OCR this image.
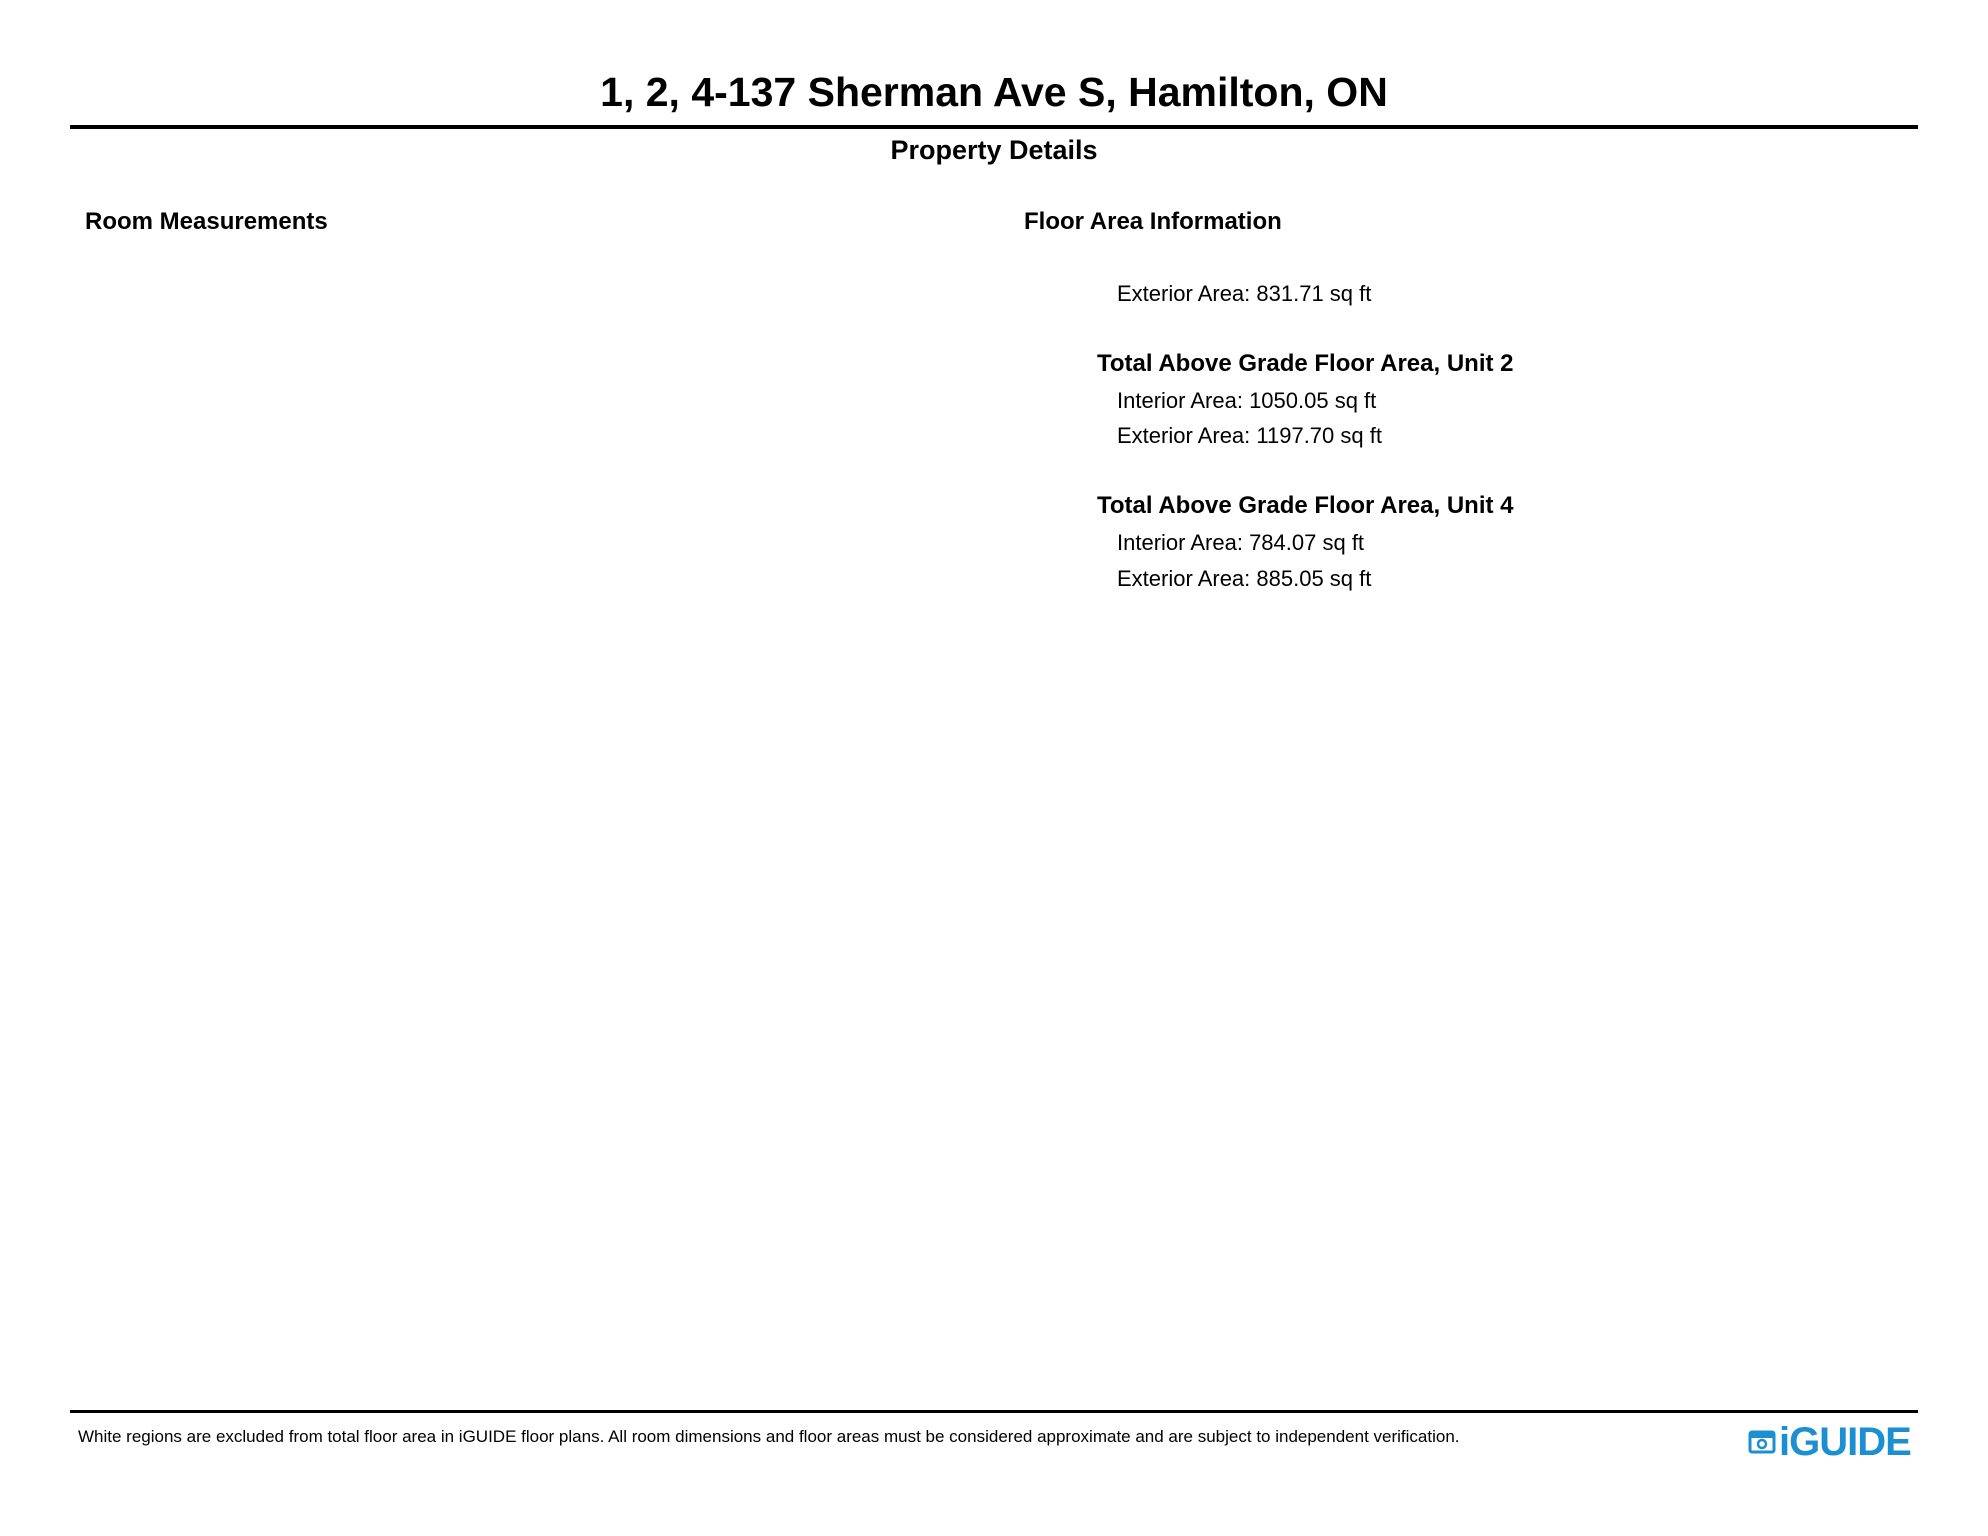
1, 2, 4-137 Sherman Ave S, Hamilton, ON
Property Details
Room Measurements	Floor Area Information

Exterior Area: 831.71 sq ft

Total Above Grade Floor Area, Unit 2

Interior Area: 1050.05 sq ft

Exterior Area: 1197.70 sq ft

Total Above Grade Floor Area, Unit 4

Interior Area: 784.07 sq ft

Exterior Area: 885.05 sq ft

White regions are excluded from total floor area in iGUIDE floor plans. All room dimensions and floor areas must be considered approximate and are subject to independent verification.	iGUIDE
